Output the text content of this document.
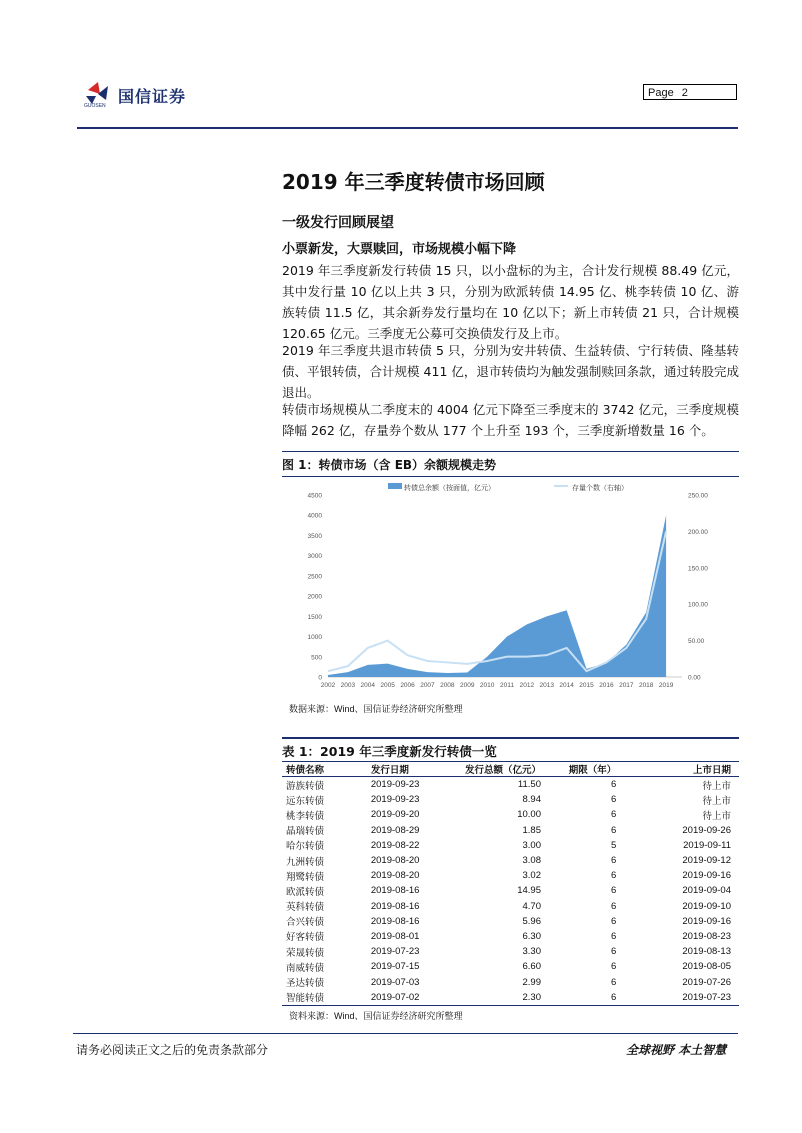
国信证券
GUOSEN
Page 2
2019 年三季度转债市场回顾
一级发行回顾展望
小票新发，大票赎回，市场规模小幅下降
2019 年三季度新发行转债 15 只，以小盘标的为主，合计发行规模 88.49 亿元，其中发行量 10 亿以上共 3 只，分别为欧派转债 14.95 亿、桃李转债 10 亿、游族转债 11.5 亿，其余新券发行量均在 10 亿以下；新上市转债 21 只，合计规模 120.65 亿元。三季度无公募可交换债发行及上市。
2019 年三季度共退市转债 5 只，分别为安井转债、生益转债、宁行转债、隆基转债、平银转债，合计规模 411 亿，退市转债均为触发强制赎回条款，通过转股完成退出。
转债市场规模从二季度末的 4004 亿元下降至三季度末的 3742 亿元，三季度规模降幅 262 亿，存量券个数从 177 个上升至 193 个，三季度新增数量 16 个。
图 1：转债市场（含 EB）余额规模走势
转债总余额（按面值，亿元）	存量个数（右轴）
4500
4000
3500
3000
2500
2000
1500
1000
500
0
250.00
200.00
150.00
100.00
50.00
0.00
2002 2003 2004 2005 2006 2007 2008 2009 2010 2011 2012 2013 2014 2015 2016 2017 2018 2019
数据来源：Wind、国信证券经济研究所整理
表 1：2019 年三季度新发行转债一览
转债名称	发行日期	发行总额（亿元）	期限（年）	上市日期
游族转债	2019-09-23	11.50	6	待上市
远东转债	2019-09-23	8.94	6	待上市
桃李转债	2019-09-20	10.00	6	待上市
晶瑞转债	2019-08-29	1.85	6	2019-09-26
哈尔转债	2019-08-22	3.00	5	2019-09-11
九洲转债	2019-08-20	3.08	6	2019-09-12
翔鹭转债	2019-08-20	3.02	6	2019-09-16
欧派转债	2019-08-16	14.95	6	2019-09-04
英科转债	2019-08-16	4.70	6	2019-09-10
合兴转债	2019-08-16	5.96	6	2019-09-16
好客转债	2019-08-01	6.30	6	2019-08-23
荣晟转债	2019-07-23	3.30	6	2019-08-13
南威转债	2019-07-15	6.60	6	2019-08-05
圣达转债	2019-07-03	2.99	6	2019-07-26
智能转债	2019-07-02	2.30	6	2019-07-23
资料来源：Wind、国信证券经济研究所整理
请务必阅读正文之后的免责条款部分	全球视野 本土智慧
